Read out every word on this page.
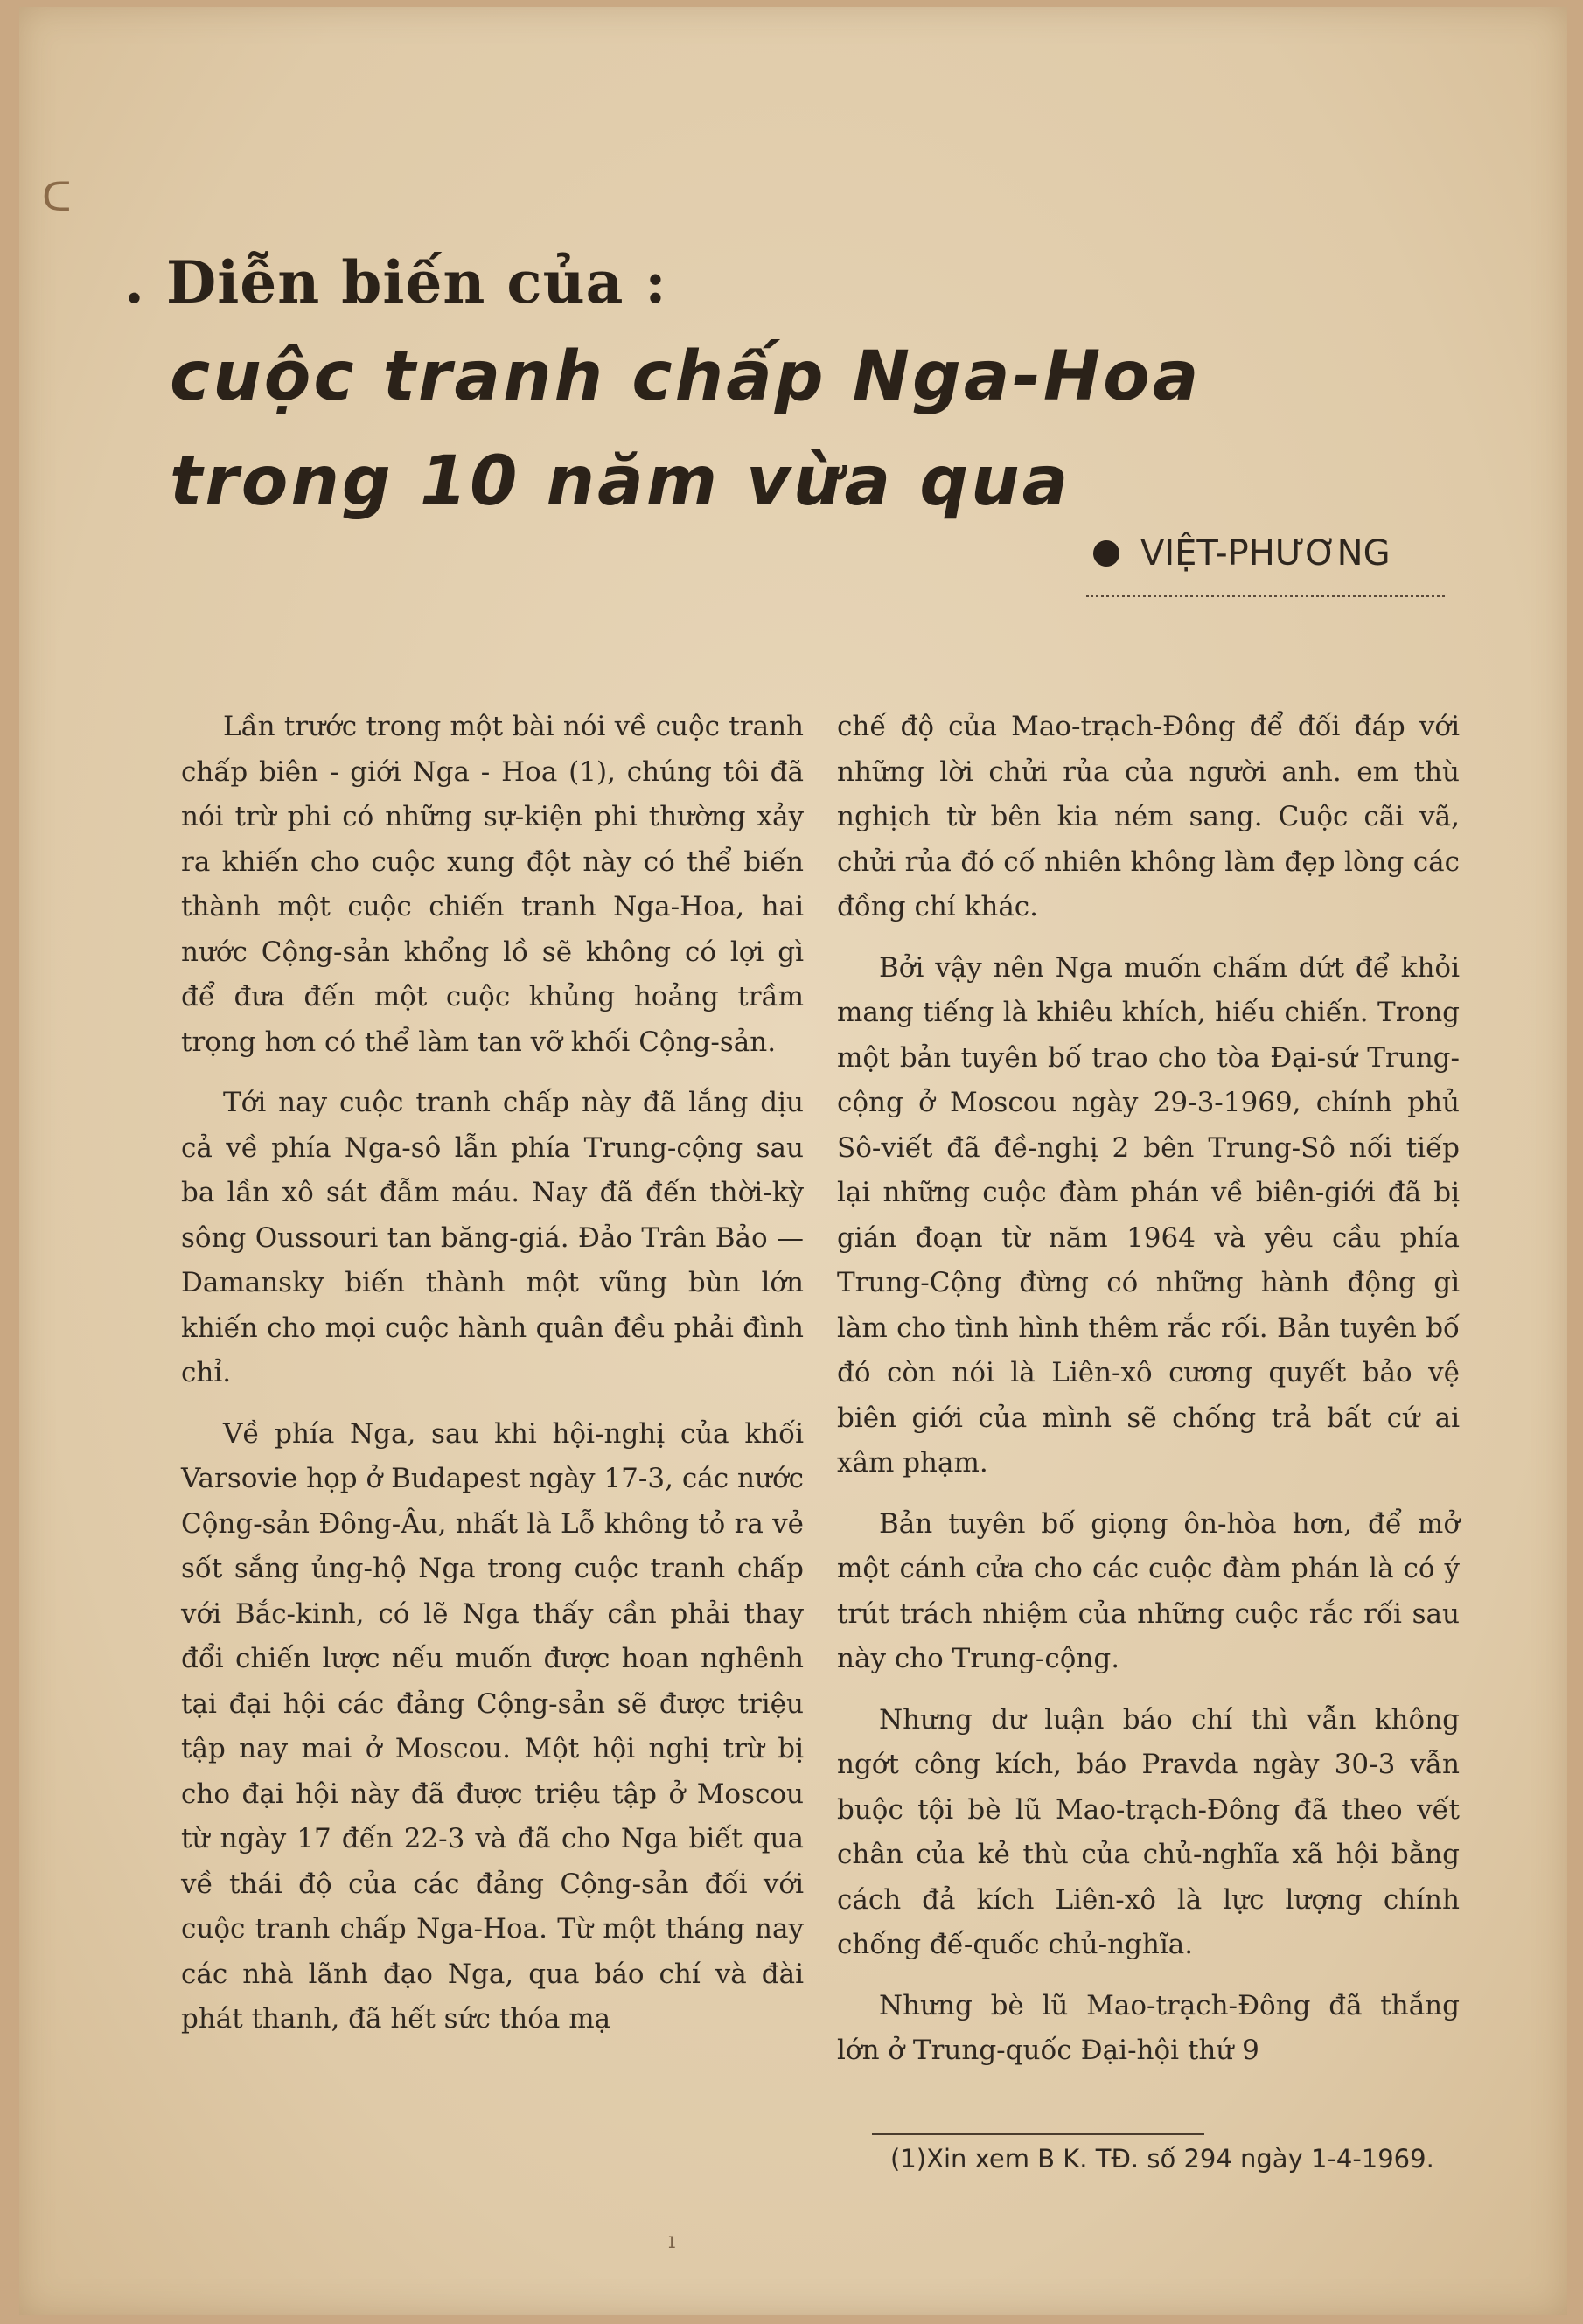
ᑕ
. Diễn biến của :
cuộc tranh chấp Nga-Hoa
trong 10 năm vừa qua
VIỆT-PHƯƠNG

Lần trước trong một bài nói về cuộc tranh chấp biên - giới Nga - Hoa (1), chúng tôi đã nói trừ phi có những sự-kiện phi thường xảy ra khiến cho cuộc xung đột này có thể biến thành một cuộc chiến tranh Nga-Hoa, hai nước Cộng-sản khổng lồ sẽ không có lợi gì để đưa đến một cuộc khủng hoảng trầm trọng hơn có thể làm tan vỡ khối Cộng-sản.

Tới nay cuộc tranh chấp này đã lắng dịu cả về phía Nga-sô lẫn phía Trung-cộng sau ba lần xô sát đẫm máu. Nay đã đến thời-kỳ sông Oussouri tan băng-giá. Đảo Trân Bảo — Damansky biến thành một vũng bùn lớn khiến cho mọi cuộc hành quân đều phải đình chỉ.

Về phía Nga, sau khi hội-nghị của khối Varsovie họp ở Budapest ngày 17-3, các nước Cộng-sản Đông-Âu, nhất là Lỗ không tỏ ra vẻ sốt sắng ủng-hộ Nga trong cuộc tranh chấp với Bắc-kinh, có lẽ Nga thấy cần phải thay đổi chiến lược nếu muốn được hoan nghênh tại đại hội các đảng Cộng-sản sẽ được triệu tập nay mai ở Moscou. Một hội nghị trừ bị cho đại hội này đã được triệu tập ở Moscou từ ngày 17 đến 22-3 và đã cho Nga biết qua về thái độ của các đảng Cộng-sản đối với cuộc tranh chấp Nga-Hoa. Từ một tháng nay các nhà lãnh đạo Nga, qua báo chí và đài phát thanh, đã hết sức thóa mạ

chế độ của Mao-trạch-Đông để đối đáp với những lời chửi rủa của người anh. em thù nghịch từ bên kia ném sang. Cuộc cãi vã, chửi rủa đó cố nhiên không làm đẹp lòng các đồng chí khác.

Bởi vậy nên Nga muốn chấm dứt để khỏi mang tiếng là khiêu khích, hiếu chiến. Trong một bản tuyên bố trao cho tòa Đại-sứ Trung-cộng ở Moscou ngày 29-3-1969, chính phủ Sô-viết đã đề-nghị 2 bên Trung-Sô nối tiếp lại những cuộc đàm phán về biên-giới đã bị gián đoạn từ năm 1964 và yêu cầu phía Trung-Cộng đừng có những hành động gì làm cho tình hình thêm rắc rối. Bản tuyên bố đó còn nói là Liên-xô cương quyết bảo vệ biên giới của mình sẽ chống trả bất cứ ai xâm phạm.

Bản tuyên bố giọng ôn-hòa hơn, để mở một cánh cửa cho các cuộc đàm phán là có ý trút trách nhiệm của những cuộc rắc rối sau này cho Trung-cộng.

Nhưng dư luận báo chí thì vẫn không ngớt công kích, báo Pravda ngày 30-3 vẫn buộc tội bè lũ Mao-trạch-Đông đã theo vết chân của kẻ thù của chủ-nghĩa xã hội bằng cách đả kích Liên-xô là lực lượng chính chống đế-quốc chủ-nghĩa.

Nhưng bè lũ Mao-trạch-Đông đã thắng lớn ở Trung-quốc Đại-hội thứ 9

(1)Xin xem B K. TĐ. số 294 ngày 1-4-1969.
ı
